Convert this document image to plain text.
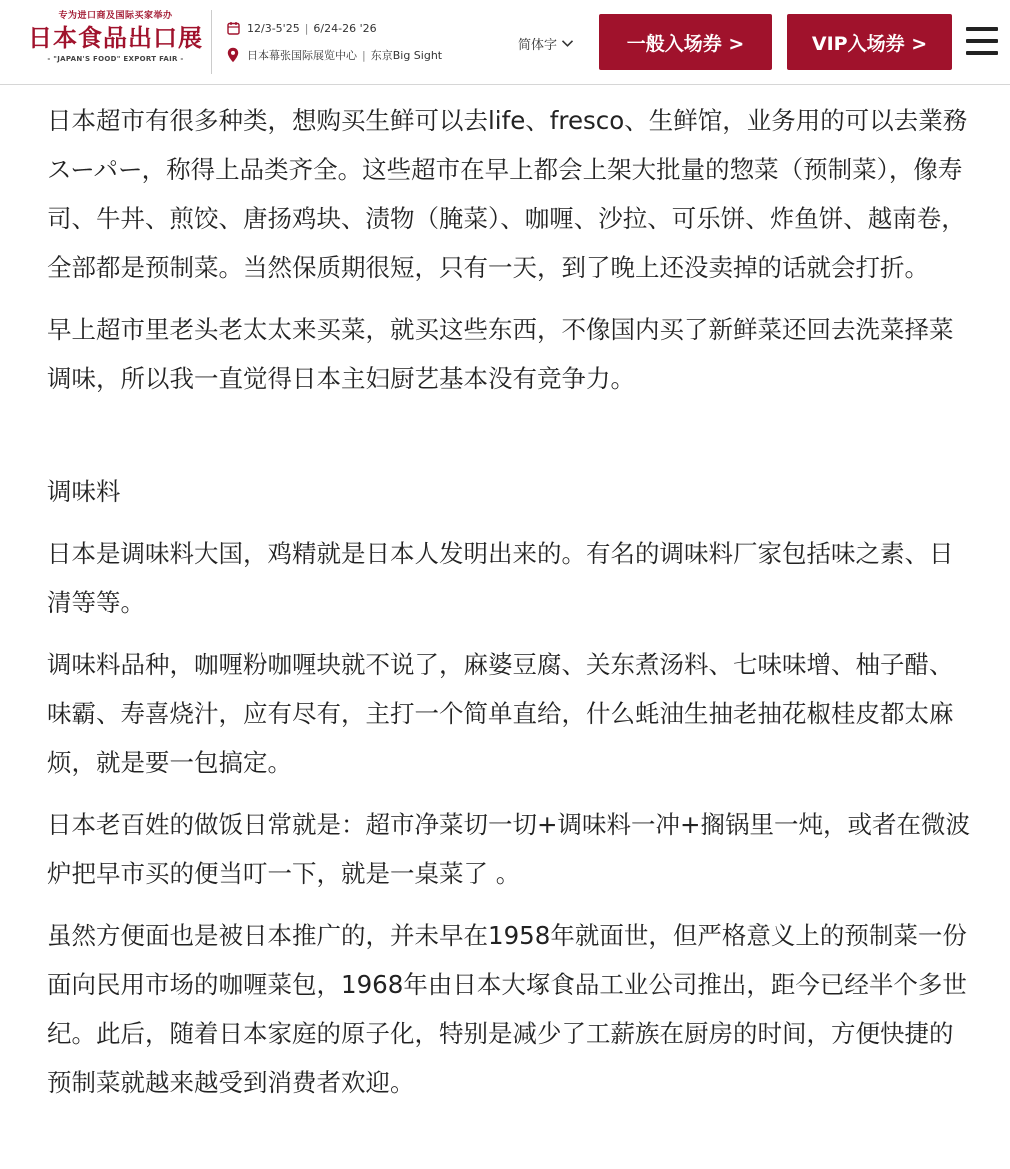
专为进口商及国际买家举办
日本食品出口展
- "JAPAN'S FOOD" EXPORT FAIR -
12/3-5'25 | 6/24-26 '26
日本幕张国际展览中心 | 东京Big Sight
简体字	一般入场券 >	VIP入场券 >

日本超市有很多种类，想购买生鲜可以去life、fresco、生鲜馆，业务用的可以去業務スーパー，称得上品类齐全。这些超市在早上都会上架大批量的惣菜（预制菜），像寿司、牛丼、煎饺、唐扬鸡块、渍物（腌菜）、咖喱、沙拉、可乐饼、炸鱼饼、越南卷，全部都是预制菜。当然保质期很短，只有一天，到了晚上还没卖掉的话就会打折。

早上超市里老头老太太来买菜，就买这些东西，不像国内买了新鲜菜还回去洗菜择菜调味，所以我一直觉得日本主妇厨艺基本没有竞争力。

调味料

日本是调味料大国，鸡精就是日本人发明出来的。有名的调味料厂家包括味之素、日清等等。

调味料品种，咖喱粉咖喱块就不说了，麻婆豆腐、关东煮汤料、七味味增、柚子醋、味霸、寿喜烧汁，应有尽有，主打一个简单直给，什么蚝油生抽老抽花椒桂皮都太麻烦，就是要一包搞定。

日本老百姓的做饭日常就是：超市净菜切一切+调味料一冲+搁锅里一炖，或者在微波炉把早市买的便当叮一下，就是一桌菜了 。

虽然方便面也是被日本推广的，并未早在1958年就面世，但严格意义上的预制菜一份面向民用市场的咖喱菜包，1968年由日本大塚食品工业公司推出，距今已经半个多世纪。此后，随着日本家庭的原子化，特别是减少了工薪族在厨房的时间，方便快捷的预制菜就越来越受到消费者欢迎。
